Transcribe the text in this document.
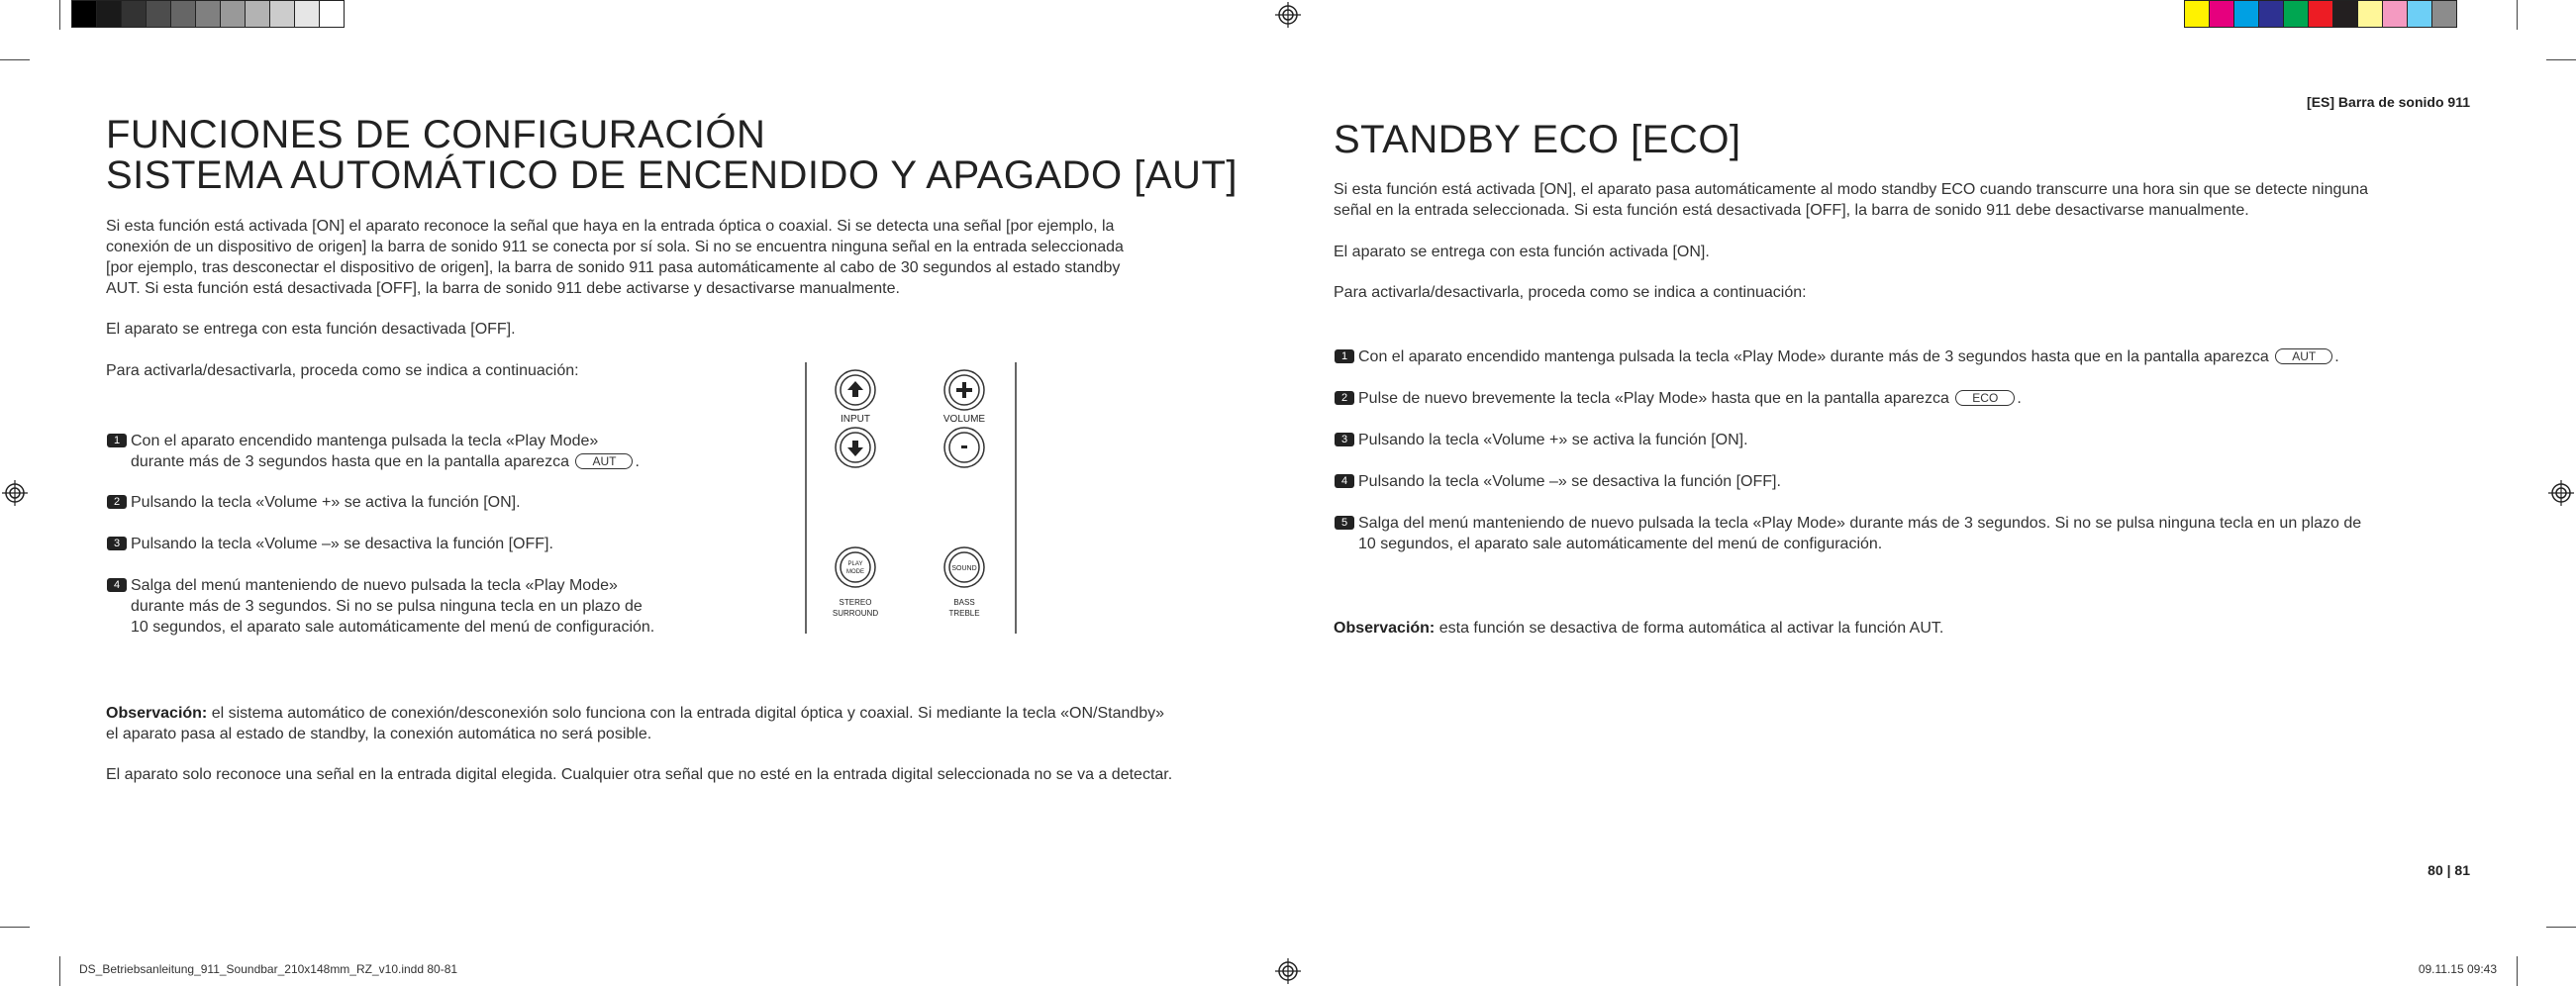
FUNCIONES DE CONFIGURACIÓN
SISTEMA AUTOMÁTICO DE ENCENDIDO Y APAGADO [AUT]
Si esta función está activada [ON] el aparato reconoce la señal que haya en la entrada óptica o coaxial. Si se detecta una señal [por ejemplo, la
conexión de un dispositivo de origen] la barra de sonido 911 se conecta por sí sola. Si no se encuentra ninguna señal en la entrada seleccionada
[por ejemplo, tras desconectar el dispositivo de origen], la barra de sonido 911 pasa automáticamente al cabo de 30 segundos al estado standby
AUT. Si esta función está desactivada [OFF], la barra de sonido 911 debe activarse y desactivarse manualmente.
El aparato se entrega con esta función desactivada [OFF].
Para activarla/desactivarla, proceda como se indica a continuación:
1 Con el aparato encendido mantenga pulsada la tecla «Play Mode»
durante más de 3 segundos hasta que en la pantalla aparezca AUT .
2 Pulsando la tecla «Volume +» se activa la función [ON].
3 Pulsando la tecla «Volume –» se desactiva la función [OFF].
4 Salga del menú manteniendo de nuevo pulsada la tecla «Play Mode»
durante más de 3 segundos. Si no se pulsa ninguna tecla en un plazo de
10 segundos, el aparato sale automáticamente del menú de configuración.
INPUT	VOLUME
PLAY
MODE	SOUND
STEREO
SURROUND
BASS
TREBLE
Observación: el sistema automático de conexión/desconexión solo funciona con la entrada digital óptica y coaxial. Si mediante la tecla «ON/Standby»
el aparato pasa al estado de standby, la conexión automática no será posible.
El aparato solo reconoce una señal en la entrada digital elegida. Cualquier otra señal que no esté en la entrada digital seleccionada no se va a detectar.
[ES] Barra de sonido 911
STANDBY ECO [ECO]
Si esta función está activada [ON], el aparato pasa automáticamente al modo standby ECO cuando transcurre una hora sin que se detecte ninguna
señal en la entrada seleccionada. Si esta función está desactivada [OFF], la barra de sonido 911 debe desactivarse manualmente.
El aparato se entrega con esta función activada [ON].
Para activarla/desactivarla, proceda como se indica a continuación:
1 Con el aparato encendido mantenga pulsada la tecla «Play Mode» durante más de 3 segundos hasta que en la pantalla aparezca AUT .
2 Pulse de nuevo brevemente la tecla «Play Mode» hasta que en la pantalla aparezca ECO .
3 Pulsando la tecla «Volume +» se activa la función [ON].
4 Pulsando la tecla «Volume –» se desactiva la función [OFF].
5 Salga del menú manteniendo de nuevo pulsada la tecla «Play Mode» durante más de 3 segundos. Si no se pulsa ninguna tecla en un plazo de
10 segundos, el aparato sale automáticamente del menú de configuración.
Observación: esta función se desactiva de forma automática al activar la función AUT.
80 | 81
DS_Betriebsanleitung_911_Soundbar_210x148mm_RZ_v10.indd 80-81	09.11.15 09:43
